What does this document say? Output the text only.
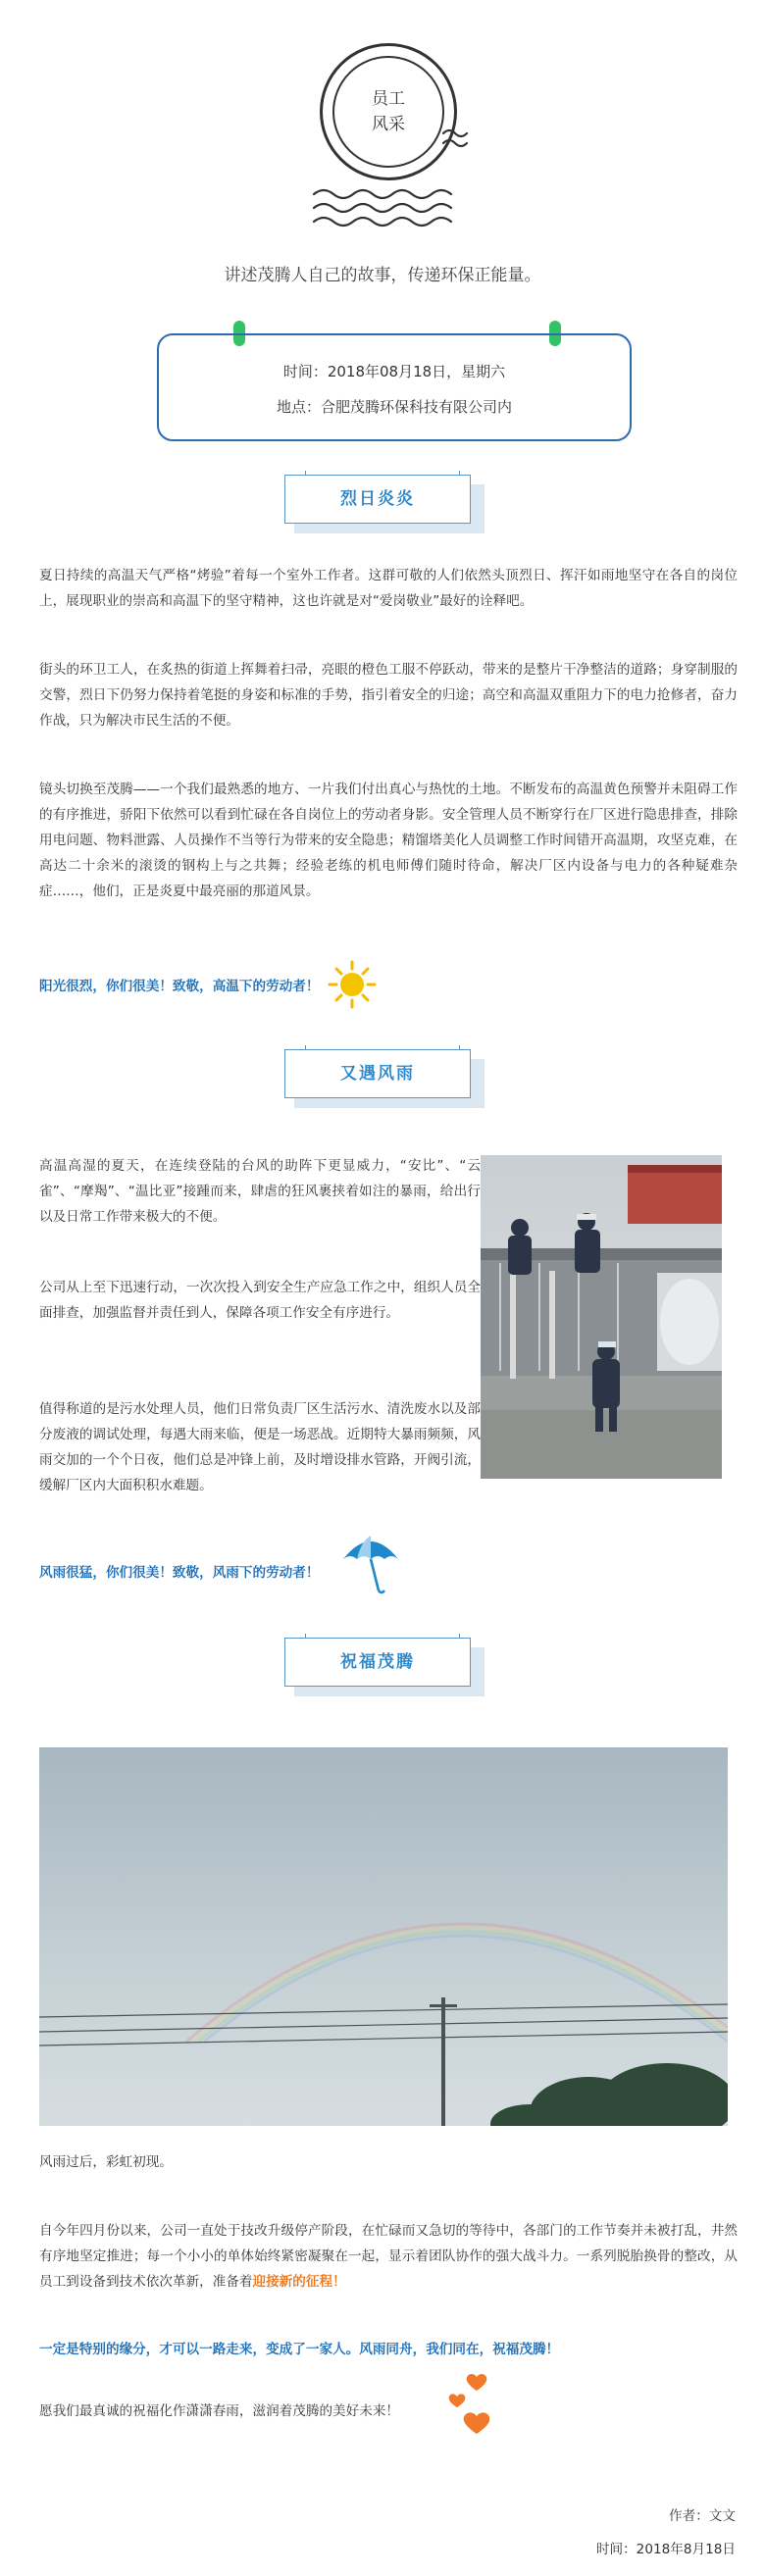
员工
风采
讲述茂腾人自己的故事，传递环保正能量。
时间：2018年08月18日，星期六
地点：合肥茂腾环保科技有限公司内
烈日炎炎
夏日持续的高温天气严格“烤验”着每一个室外工作者。这群可敬的人们依然头顶烈日、挥汗如雨地坚守在各自的岗位上，展现职业的崇高和高温下的坚守精神，这也许就是对“爱岗敬业”最好的诠释吧。
街头的环卫工人，在炙热的街道上挥舞着扫帚，亮眼的橙色工服不停跃动，带来的是整片干净整洁的道路；身穿制服的交警，烈日下仍努力保持着笔挺的身姿和标准的手势，指引着安全的归途；高空和高温双重阻力下的电力抢修者，奋力作战，只为解决市民生活的不便。
镜头切换至茂腾——一个我们最熟悉的地方、一片我们付出真心与热忱的土地。不断发布的高温黄色预警并未阻碍工作的有序推进，骄阳下依然可以看到忙碌在各自岗位上的劳动者身影。安全管理人员不断穿行在厂区进行隐患排查，排除用电问题、物料泄露、人员操作不当等行为带来的安全隐患；精馏塔美化人员调整工作时间错开高温期，攻坚克难，在高达二十余米的滚烫的钢构上与之共舞；经验老练的机电师傅们随时待命，解决厂区内设备与电力的各种疑难杂症……，他们，正是炎夏中最亮丽的那道风景。
阳光很烈，你们很美！致敬，高温下的劳动者！
又遇风雨
高温高湿的夏天，在连续登陆的台风的助阵下更显威力，“安比”、“云雀”、“摩羯”、“温比亚”接踵而来，肆虐的狂风裹挟着如注的暴雨，给出行以及日常工作带来极大的不便。
公司从上至下迅速行动，一次次投入到安全生产应急工作之中，组织人员全面排查，加强监督并责任到人，保障各项工作安全有序进行。
值得称道的是污水处理人员，他们日常负责厂区生活污水、清洗废水以及部分废液的调试处理，每遇大雨来临，便是一场恶战。近期特大暴雨频频，风雨交加的一个个日夜，他们总是冲锋上前，及时增设排水管路，开阀引流，缓解厂区内大面积积水难题。
风雨很猛，你们很美！致敬，风雨下的劳动者！
祝福茂腾
风雨过后，彩虹初现。
自今年四月份以来，公司一直处于技改升级停产阶段，在忙碌而又急切的等待中，各部门的工作节奏并未被打乱，井然有序地坚定推进；每一个小小的单体始终紧密凝聚在一起，显示着团队协作的强大战斗力。一系列脱胎换骨的整改，从员工到设备到技术依次革新，准备着迎接新的征程！
一定是特别的缘分，才可以一路走来，变成了一家人。风雨同舟，我们同在，祝福茂腾！
愿我们最真诚的祝福化作潇潇春雨，滋润着茂腾的美好未来！
作者：文文
时间：2018年8月18日
